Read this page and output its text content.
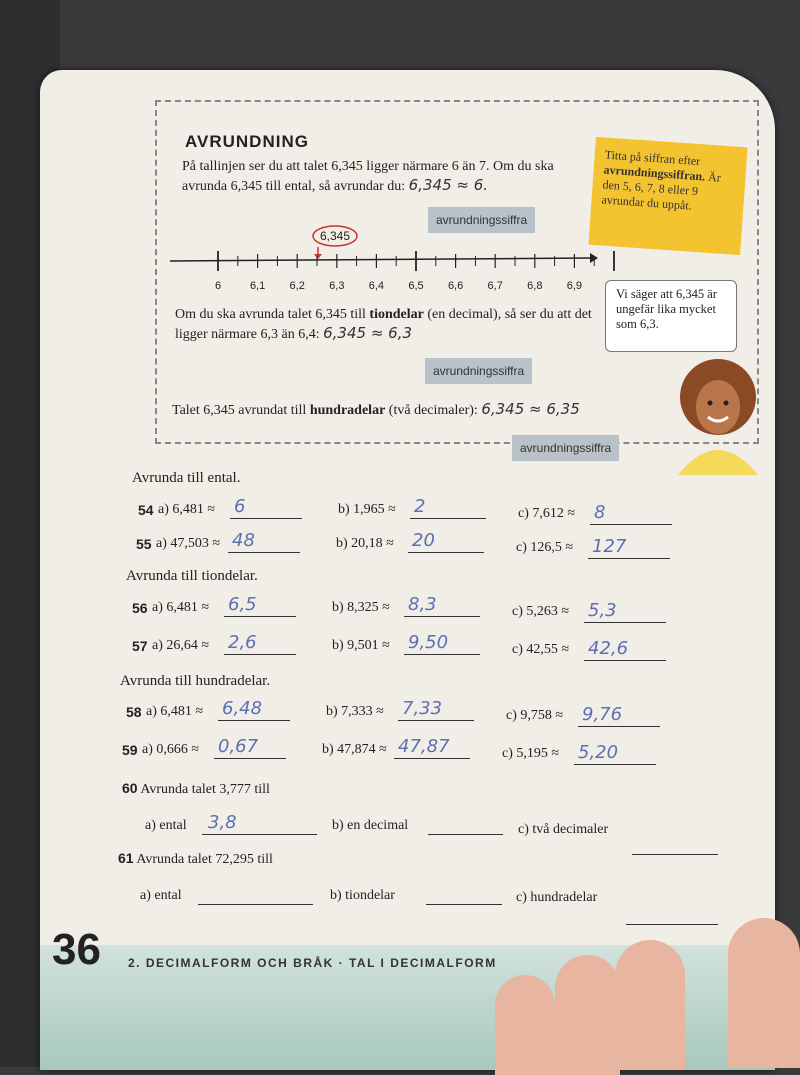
AVRUNDNING
På tallinjen ser du att talet 6,345 ligger närmare 6 än 7. Om du ska avrunda 6,345 till ental, så avrundar du: 6,345 ≈ 6.
avrundningssiffra
6,345
6	6,1 6,2 6,3 6,4 6,5 6,6 6,7 6,8 6,9
Om du ska avrunda talet 6,345 till tiondelar (en decimal), så ser du att det ligger närmare 6,3 än 6,4: 6,345 ≈ 6,3
avrundningssiffra
Talet 6,345 avrundat till hundradelar (två decimaler): 6,345 ≈ 6,35
avrundningssiffra
Titta på siffran efter avrundningssiffran. Är den 5, 6, 7, 8 eller 9 avrundar du uppåt.
Vi säger att 6,345 är ungefär lika mycket som 6,3.
Avrunda till ental.
54 a) 6,481 ≈ 6	b) 1,965 ≈ 2	c) 7,612 ≈ 8
55 a) 47,503 ≈ 48	b) 20,18 ≈ 20	c) 126,5 ≈ 127
Avrunda till tiondelar.
56 a) 6,481 ≈ 6,5	b) 8,325 ≈ 8,3	c) 5,263 ≈ 5,3
57 a) 26,64 ≈ 2,6	b) 9,501 ≈ 9,50	c) 42,55 ≈ 42,6
Avrunda till hundradelar.
58 a) 6,481 ≈ 6,48	b) 7,333 ≈ 7,33	c) 9,758 ≈ 9,76
59 a) 0,666 ≈ 0,67	b) 47,874 ≈ 47,87	c) 5,195 ≈ 5,20
60 Avrunda talet 3,777 till
a) ental 3,8	b) en decimal	c) två decimaler
61 Avrunda talet 72,295 till
a) ental	b) tiondelar	c) hundradelar
36 2. DECIMALFORM OCH BRÅK · TAL I DECIMALFORM
